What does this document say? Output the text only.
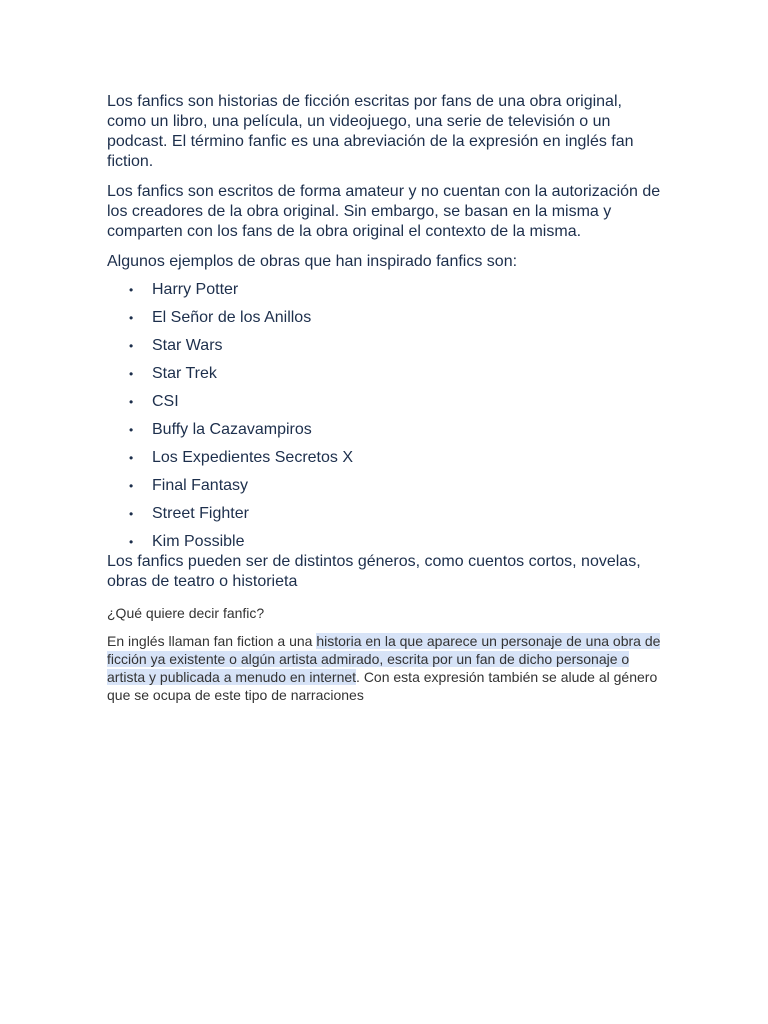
Los fanfics son historias de ficción escritas por fans de una obra original, como un libro, una película, un videojuego, una serie de televisión o un podcast. El término fanfic es una abreviación de la expresión en inglés fan fiction.

Los fanfics son escritos de forma amateur y no cuentan con la autorización de los creadores de la obra original. Sin embargo, se basan en la misma y comparten con los fans de la obra original el contexto de la misma.

Algunos ejemplos de obras que han inspirado fanfics son:

• Harry Potter
• El Señor de los Anillos
• Star Wars
• Star Trek
• CSI
• Buffy la Cazavampiros
• Los Expedientes Secretos X
• Final Fantasy
• Street Fighter
• Kim Possible

Los fanfics pueden ser de distintos géneros, como cuentos cortos, novelas, obras de teatro o historieta

¿Qué quiere decir fanfic?

En inglés llaman fan fiction a una historia en la que aparece un personaje de una obra de ficción ya existente o algún artista admirado, escrita por un fan de dicho personaje o artista y publicada a menudo en internet. Con esta expresión también se alude al género que se ocupa de este tipo de narraciones
